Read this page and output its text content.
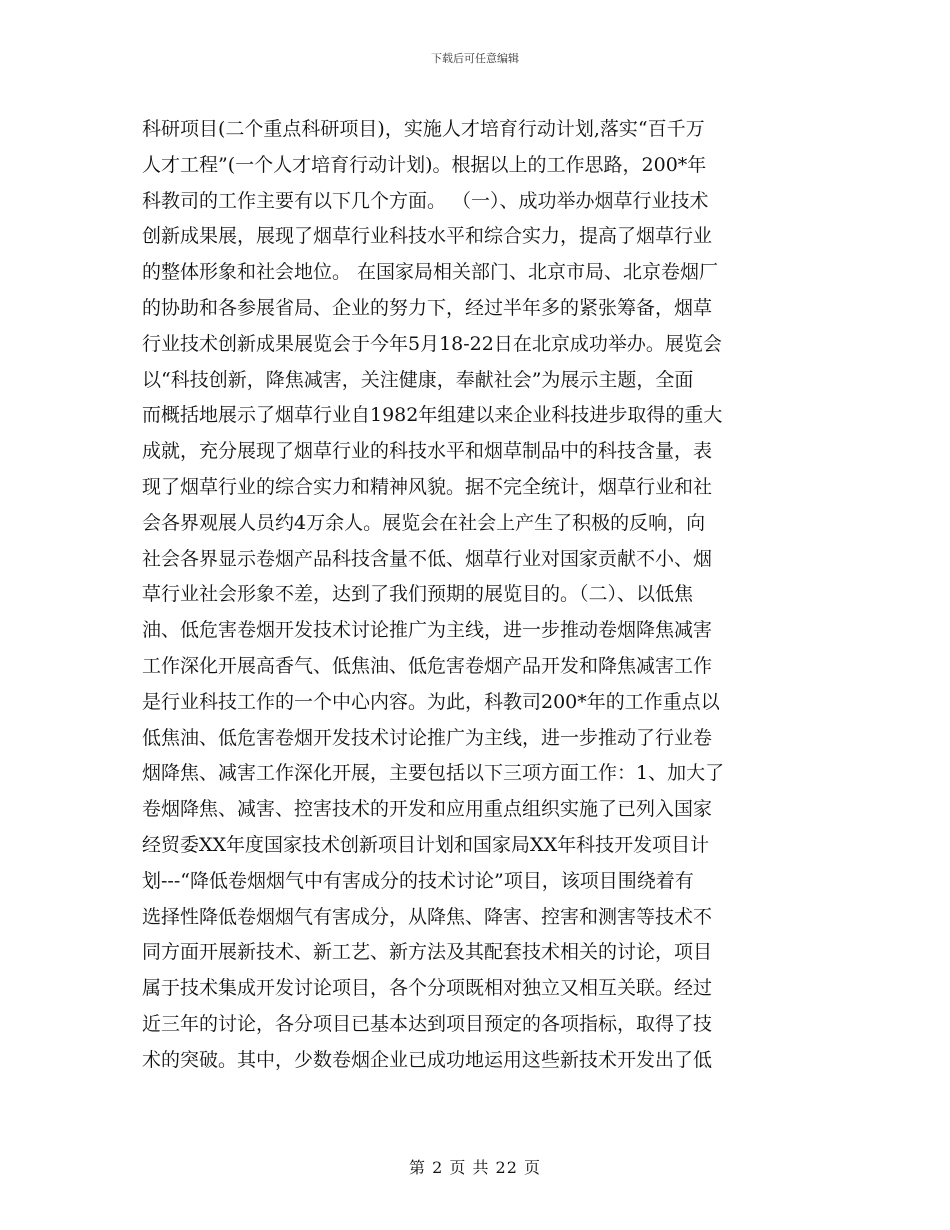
下载后可任意编辑
科研项目(二个重点科研项目)，实施人才培育行动计划,落实“百千万
人才工程”(一个人才培育行动计划)。根据以上的工作思路，200*年
科教司的工作主要有以下几个方面。 （一）、成功举办烟草行业技术
创新成果展，展现了烟草行业科技水平和综合实力，提高了烟草行业
的整体形象和社会地位。 在国家局相关部门、北京市局、北京卷烟厂
的协助和各参展省局、企业的努力下，经过半年多的紧张筹备，烟草
行业技术创新成果展览会于今年5月18-22日在北京成功举办。展览会
以“科技创新，降焦减害，关注健康，奉献社会”为展示主题，全面
而概括地展示了烟草行业自1982年组建以来企业科技进步取得的重大
成就，充分展现了烟草行业的科技水平和烟草制品中的科技含量，表
现了烟草行业的综合实力和精神风貌。据不完全统计，烟草行业和社
会各界观展人员约4万余人。展览会在社会上产生了积极的反响，向
社会各界显示卷烟产品科技含量不低、烟草行业对国家贡献不小、烟
草行业社会形象不差，达到了我们预期的展览目的。（二）、以低焦
油、低危害卷烟开发技术讨论推广为主线，进一步推动卷烟降焦减害
工作深化开展高香气、低焦油、低危害卷烟产品开发和降焦减害工作
是行业科技工作的一个中心内容。为此，科教司200*年的工作重点以
低焦油、低危害卷烟开发技术讨论推广为主线，进一步推动了行业卷
烟降焦、减害工作深化开展，主要包括以下三项方面工作：1、加大了
卷烟降焦、减害、控害技术的开发和应用重点组织实施了已列入国家
经贸委XX年度国家技术创新项目计划和国家局XX年科技开发项目计
划---“降低卷烟烟气中有害成分的技术讨论”项目，该项目围绕着有
选择性降低卷烟烟气有害成分，从降焦、降害、控害和测害等技术不
同方面开展新技术、新工艺、新方法及其配套技术相关的讨论，项目
属于技术集成开发讨论项目，各个分项既相对独立又相互关联。经过
近三年的讨论，各分项目已基本达到项目预定的各项指标，取得了技
术的突破。其中，少数卷烟企业已成功地运用这些新技术开发出了低
第 2 页 共 22 页
